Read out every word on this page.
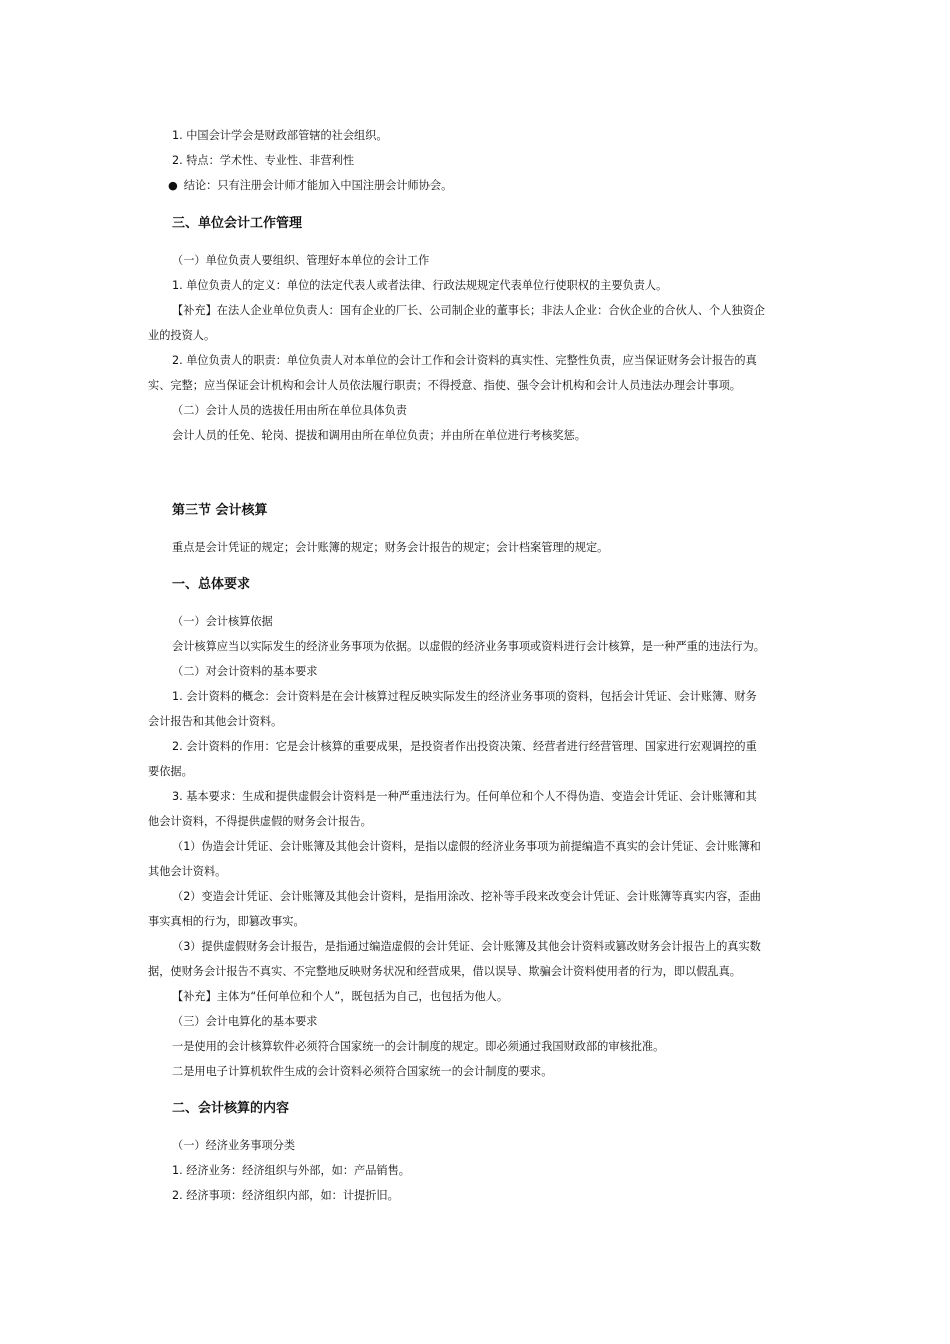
1. 中国会计学会是财政部管辖的社会组织。
2. 特点：学术性、专业性、非营利性
● 结论：只有注册会计师才能加入中国注册会计师协会。
三、单位会计工作管理
（一）单位负责人要组织、管理好本单位的会计工作
1. 单位负责人的定义：单位的法定代表人或者法律、行政法规规定代表单位行使职权的主要负责人。
【补充】在法人企业单位负责人：国有企业的厂长、公司制企业的董事长；非法人企业：合伙企业的合伙人、个人独资企
业的投资人。
2. 单位负责人的职责：单位负责人对本单位的会计工作和会计资料的真实性、完整性负责，应当保证财务会计报告的真
实、完整；应当保证会计机构和会计人员依法履行职责；不得授意、指使、强令会计机构和会计人员违法办理会计事项。
（二）会计人员的选拔任用由所在单位具体负责
会计人员的任免、轮岗、提拔和调用由所在单位负责；并由所在单位进行考核奖惩。
第三节 会计核算
重点是会计凭证的规定；会计账簿的规定；财务会计报告的规定；会计档案管理的规定。
一、总体要求
（一）会计核算依据
会计核算应当以实际发生的经济业务事项为依据。以虚假的经济业务事项或资料进行会计核算，是一种严重的违法行为。
（二）对会计资料的基本要求
1. 会计资料的概念：会计资料是在会计核算过程反映实际发生的经济业务事项的资料，包括会计凭证、会计账簿、财务
会计报告和其他会计资料。
2. 会计资料的作用：它是会计核算的重要成果，是投资者作出投资决策、经营者进行经营管理、国家进行宏观调控的重
要依据。
3. 基本要求：生成和提供虚假会计资料是一种严重违法行为。任何单位和个人不得伪造、变造会计凭证、会计账簿和其
他会计资料，不得提供虚假的财务会计报告。
（1）伪造会计凭证、会计账簿及其他会计资料，是指以虚假的经济业务事项为前提编造不真实的会计凭证、会计账簿和
其他会计资料。
（2）变造会计凭证、会计账簿及其他会计资料，是指用涂改、挖补等手段来改变会计凭证、会计账簿等真实内容，歪曲
事实真相的行为，即篡改事实。
（3）提供虚假财务会计报告，是指通过编造虚假的会计凭证、会计账簿及其他会计资料或篡改财务会计报告上的真实数
据，使财务会计报告不真实、不完整地反映财务状况和经营成果，借以误导、欺骗会计资料使用者的行为，即以假乱真。
【补充】主体为“任何单位和个人”，既包括为自己，也包括为他人。
（三）会计电算化的基本要求
一是使用的会计核算软件必须符合国家统一的会计制度的规定。即必须通过我国财政部的审核批准。
二是用电子计算机软件生成的会计资料必须符合国家统一的会计制度的要求。
二、会计核算的内容
（一）经济业务事项分类
1. 经济业务：经济组织与外部，如：产品销售。
2. 经济事项：经济组织内部，如：计提折旧。
